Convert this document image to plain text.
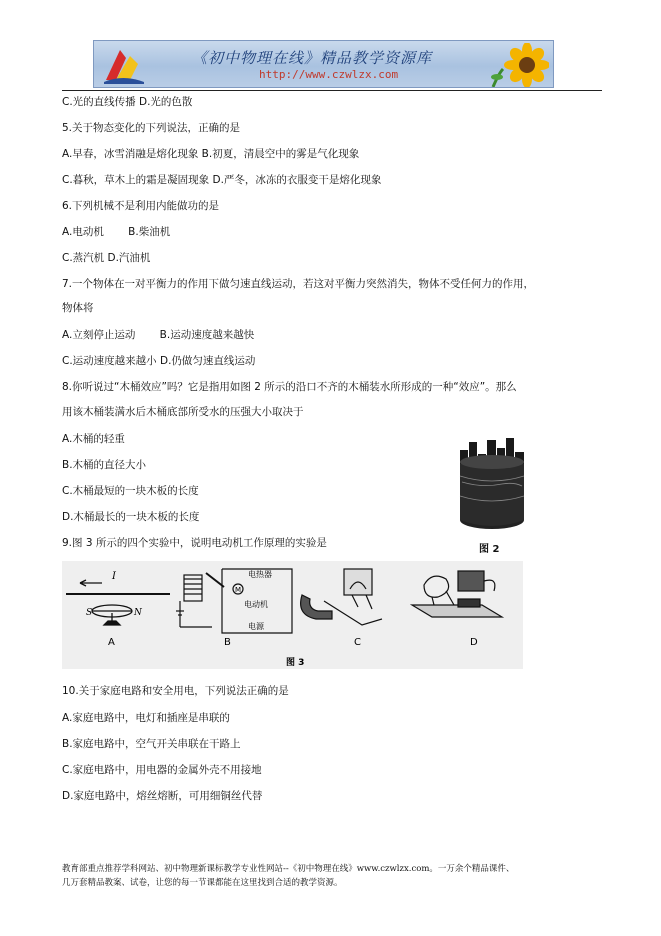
《初中物理在线》精品教学资源库
http://www.czwlzx.com
C.光的直线传播 D.光的色散
5.关于物态变化的下列说法，正确的是
A.早春，冰雪消融是熔化现象 B.初夏，清晨空中的雾是气化现象
C.暮秋，草木上的霜是凝固现象 D.严冬，冰冻的衣服变干是熔化现象
6.下列机械不是利用内能做功的是
A.电动机　　 B.柴油机
C.蒸汽机 D.汽油机
7.一个物体在一对平衡力的作用下做匀速直线运动，若这对平衡力突然消失，物体不受任何力的作用，
物体将
A.立刻停止运动　　 B.运动速度越来越快
C.运动速度越来越小 D.仍做匀速直线运动
8.你听说过“木桶效应”吗？它是指用如图 2 所示的沿口不齐的木桶装水所形成的一种“效应”。那么
用该木桶装满水后木桶底部所受水的压强大小取决于
A.木桶的轻重
B.木桶的直径大小
C.木桶最短的一块木板的长度
D.木桶最长的一块木板的长度
9.图 3 所示的四个实验中，说明电动机工作原理的实验是
图 2
I
S	N
A
电热器
M
电动机
电源
B	C	D
图 3
10.关于家庭电路和安全用电，下列说法正确的是
A.家庭电路中，电灯和插座是串联的
B.家庭电路中，空气开关串联在干路上
C.家庭电路中，用电器的金属外壳不用接地
D.家庭电路中，熔丝熔断，可用细铜丝代替
教育部重点推荐学科网站、初中物理新课标教学专业性网站--《初中物理在线》www.czwlzx.com。一万余个精品课件、
几万套精品教案、试卷，让您的每一节课都能在这里找到合适的教学资源。
